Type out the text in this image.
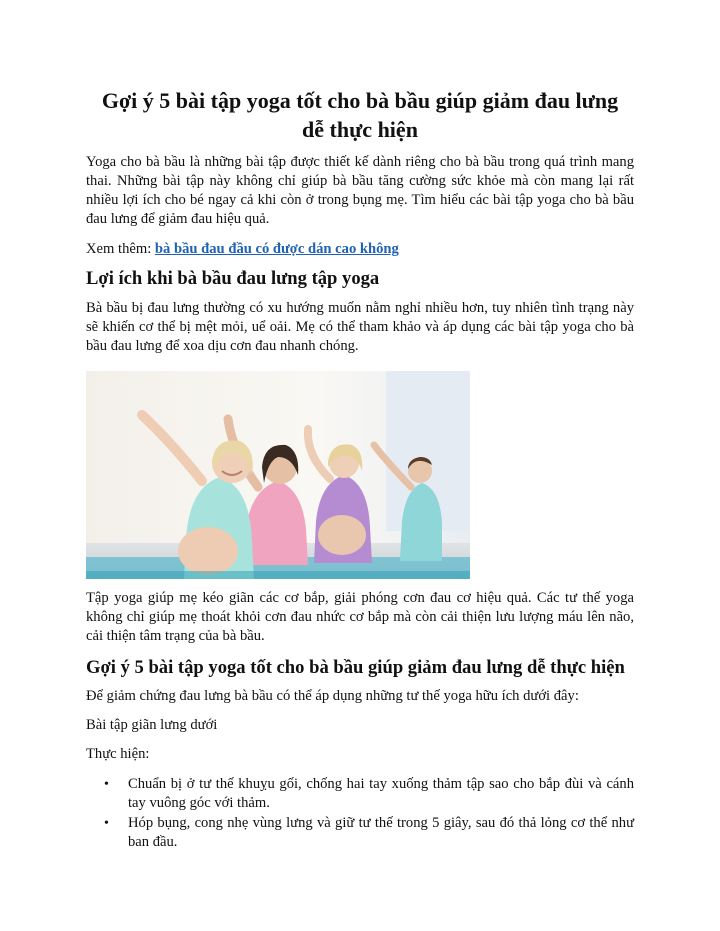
Gợi ý 5 bài tập yoga tốt cho bà bầu giúp giảm đau lưng dễ thực hiện

Yoga cho bà bầu là những bài tập được thiết kế dành riêng cho bà bầu trong quá trình mang thai. Những bài tập này không chỉ giúp bà bầu tăng cường sức khỏe mà còn mang lại rất nhiều lợi ích cho bé ngay cả khi còn ở trong bụng mẹ. Tìm hiểu các bài tập yoga cho bà bầu đau lưng để giảm đau hiệu quả.

Xem thêm: bà bầu đau đầu có được dán cao không

Lợi ích khi bà bầu đau lưng tập yoga

Bà bầu bị đau lưng thường có xu hướng muốn nằm nghỉ nhiều hơn, tuy nhiên tình trạng này sẽ khiến cơ thể bị mệt mỏi, uể oải. Mẹ có thể tham khảo và áp dụng các bài tập yoga cho bà bầu đau lưng để xoa dịu cơn đau nhanh chóng.

Tập yoga giúp mẹ kéo giãn các cơ bắp, giải phóng cơn đau cơ hiệu quả. Các tư thế yoga không chỉ giúp mẹ thoát khỏi cơn đau nhức cơ bắp mà còn cải thiện lưu lượng máu lên não, cải thiện tâm trạng của bà bầu.

Gợi ý 5 bài tập yoga tốt cho bà bầu giúp giảm đau lưng dễ thực hiện

Để giảm chứng đau lưng bà bầu có thể áp dụng những tư thế yoga hữu ích dưới đây:

Bài tập giãn lưng dưới

Thực hiện:

• Chuẩn bị ở tư thế khuỵu gối, chống hai tay xuống thảm tập sao cho bắp đùi và cánh tay vuông góc với thảm.
• Hóp bụng, cong nhẹ vùng lưng và giữ tư thế trong 5 giây, sau đó thả lỏng cơ thể như ban đầu.
